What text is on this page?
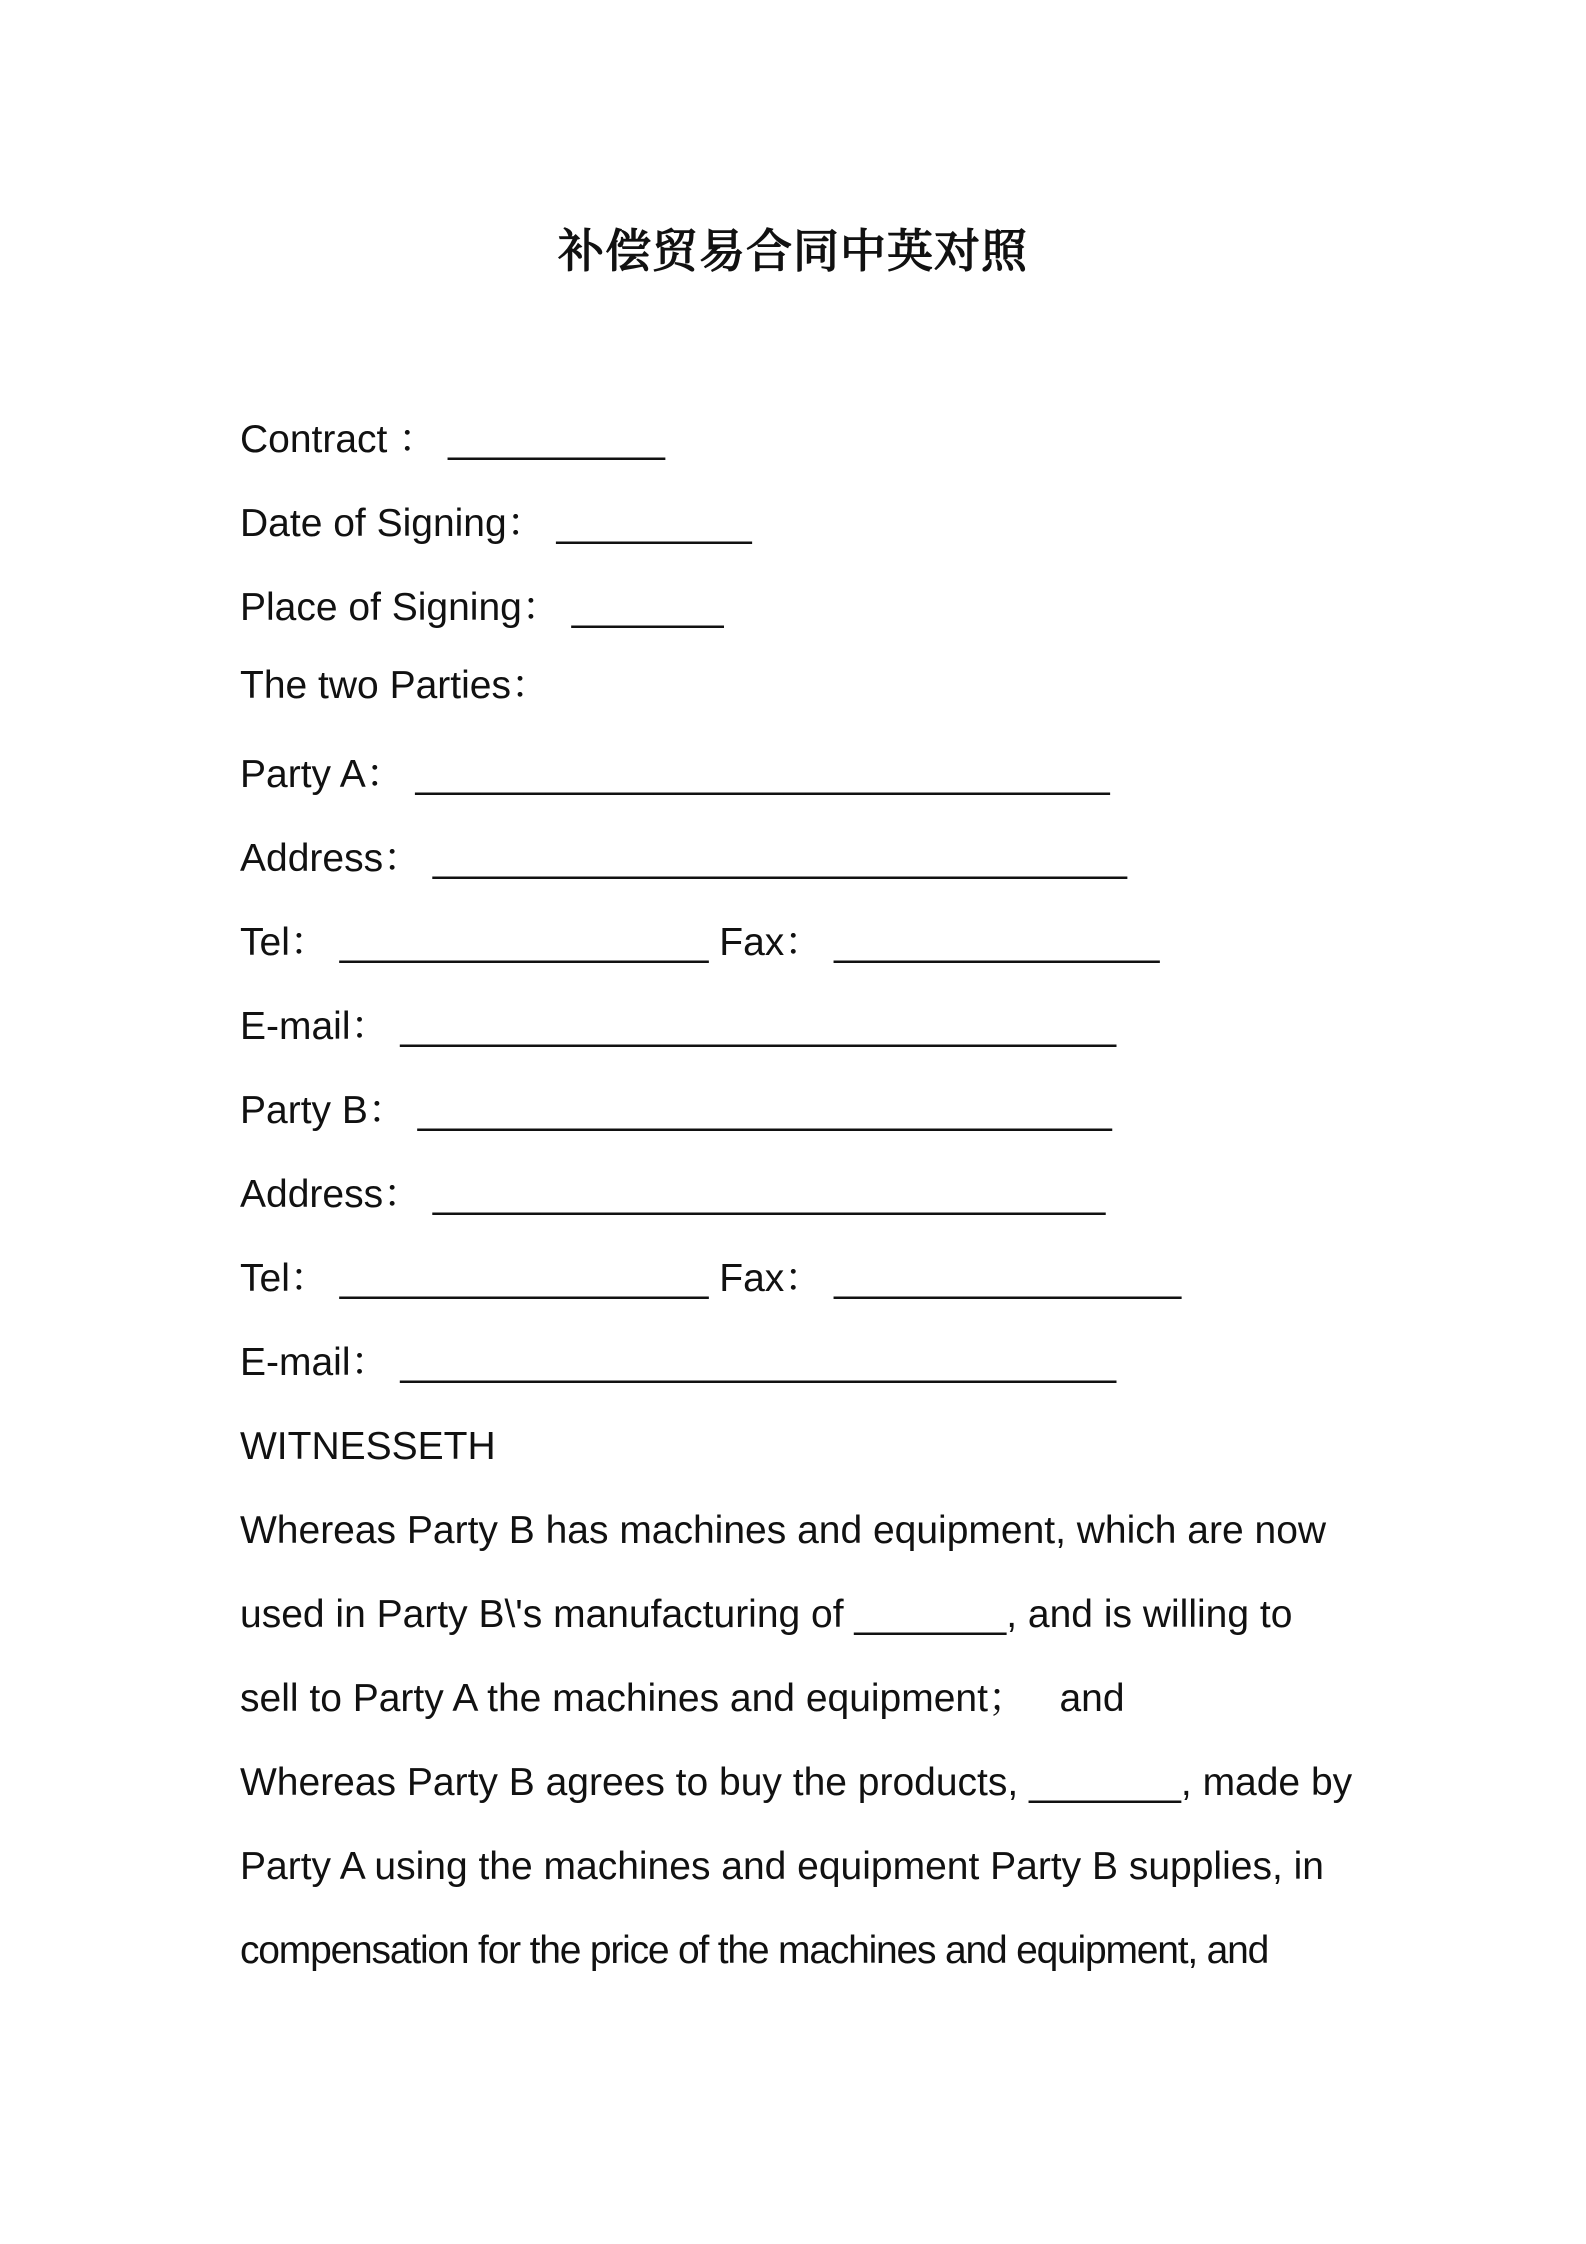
补偿贸易合同中英对照
Contract ： __________
Date of Signing： _________
Place of Signing： _______
The two Parties：
Party A： ________________________________
Address： ________________________________
Tel： _________________ Fax： _______________
E-mail： _________________________________
Party B： ________________________________
Address： _______________________________
Tel： _________________ Fax： ________________
E-mail： _________________________________
WITNESSETH
Whereas Party B has machines and equipment, which are now
used in Party B\'s manufacturing of _______, and is willing to
sell to Party A the machines and equipment；   and
Whereas Party B agrees to buy the products, _______, made by
Party A using the machines and equipment Party B supplies, in
compensation for the price of the machines and equipment, and
